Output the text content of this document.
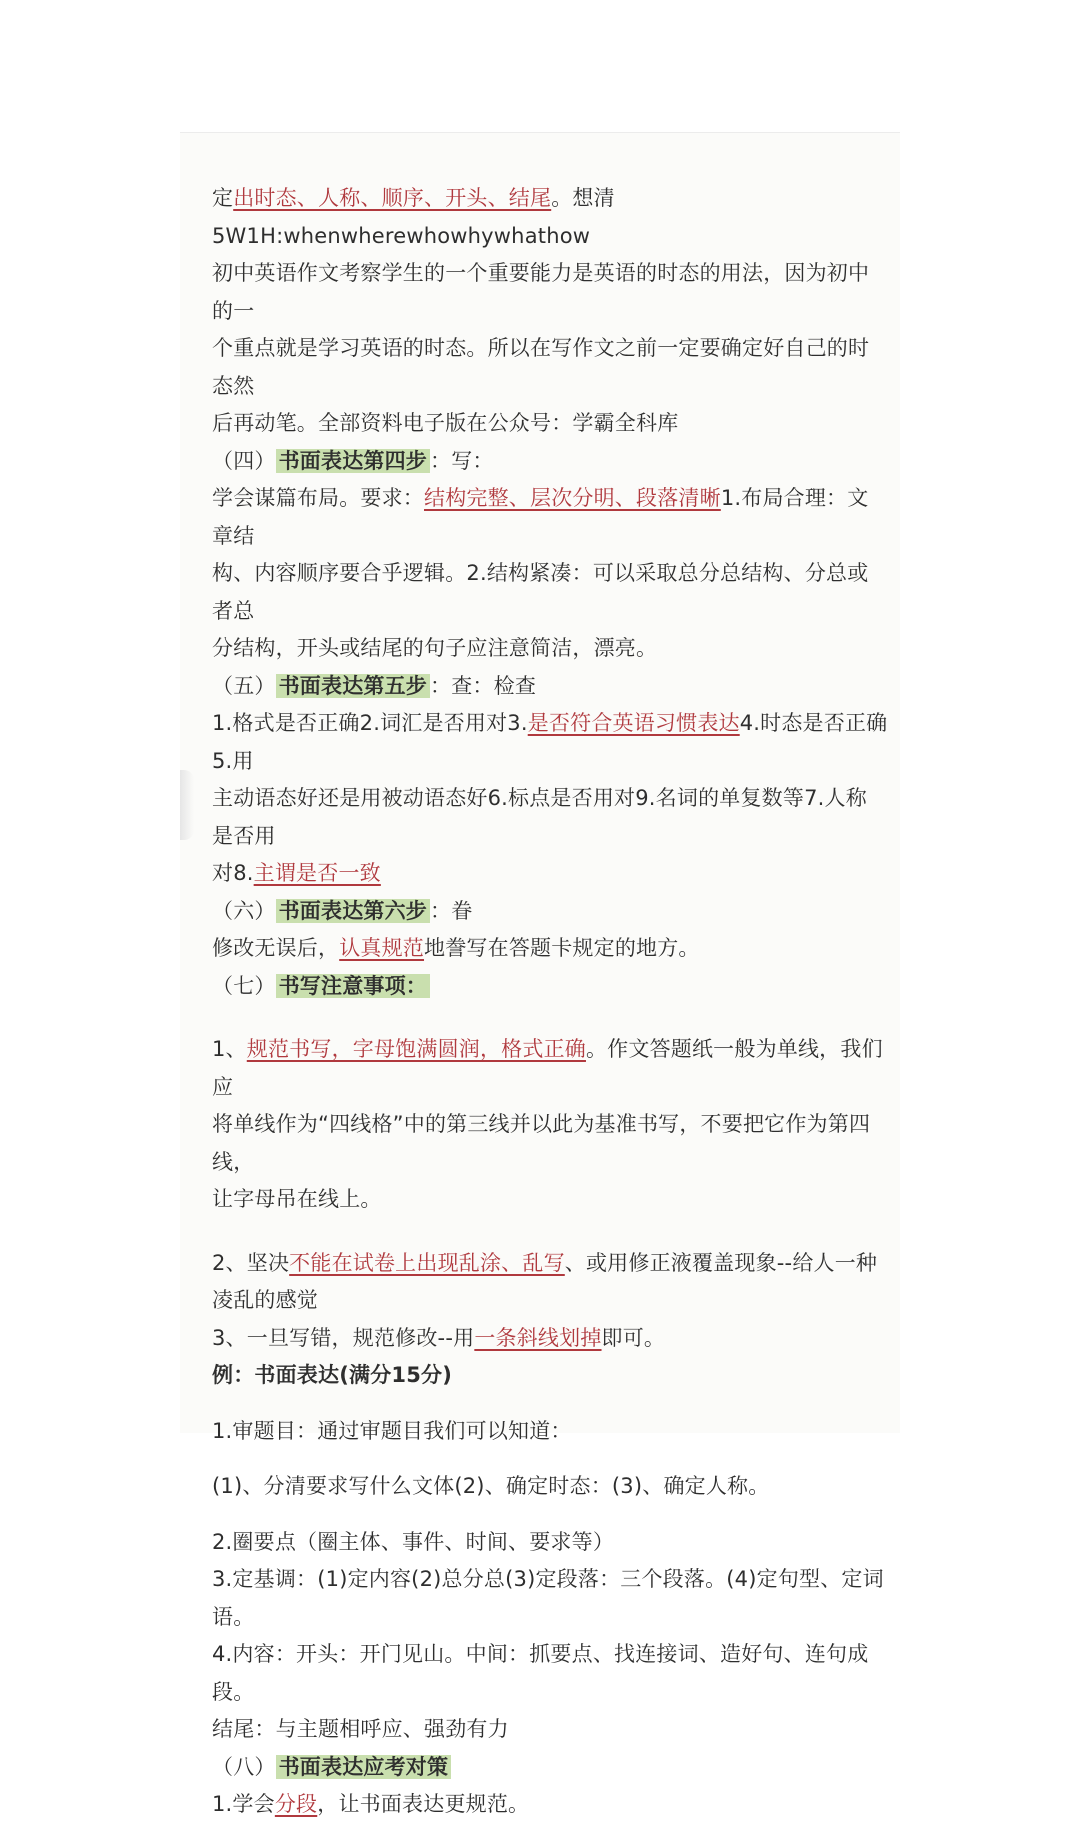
定出时态、人称、顺序、开头、结尾。想清5W1H:whenwherewhowhywhathow

初中英语作文考察学生的一个重要能力是英语的时态的用法，因为初中的一

个重点就是学习英语的时态。所以在写作文之前一定要确定好自己的时态然

后再动笔。全部资料电子版在公众号：学霸全科库

（四） 书面表达第四步 ：写：

学会谋篇布局。要求：结构完整、层次分明、段落清晰1.布局合理：文章结

构、内容顺序要合乎逻辑。2.结构紧凑：可以采取总分总结构、分总或者总

分结构，开头或结尾的句子应注意简洁，漂亮。

（五） 书面表达第五步 ：查：检查

1.格式是否正确2.词汇是否用对3.是否符合英语习惯表达4.时态是否正确5.用

主动语态好还是用被动语态好6.标点是否用对9.名词的单复数等7.人称是否用

对8.主谓是否一致

（六） 书面表达第六步 ：眷

修改无误后，认真规范地誊写在答题卡规定的地方。

（七） 书写注意事项：

1、规范书写，字母饱满圆润，格式正确。作文答题纸一般为单线，我们应

将单线作为“四线格”中的第三线并以此为基准书写，不要把它作为第四线，

让字母吊在线上。

2、坚决不能在试卷上出现乱涂、乱写、或用修正液覆盖现象--给人一种

凌乱的感觉

3、一旦写错，规范修改--用一条斜线划掉即可。

例：书面表达(满分15分)

1.审题目：通过审题目我们可以知道：

(1)、分清要求写什么文体(2)、确定时态：(3)、确定人称。

2.圈要点（圈主体、事件、时间、要求等）

3.定基调：(1)定内容(2)总分总(3)定段落：三个段落。(4)定句型、定词语。

4.内容：开头：开门见山。中间：抓要点、找连接词、造好句、连句成段。

结尾：与主题相呼应、强劲有力

（八） 书面表达应考对策

1.学会分段，让书面表达更规范。
